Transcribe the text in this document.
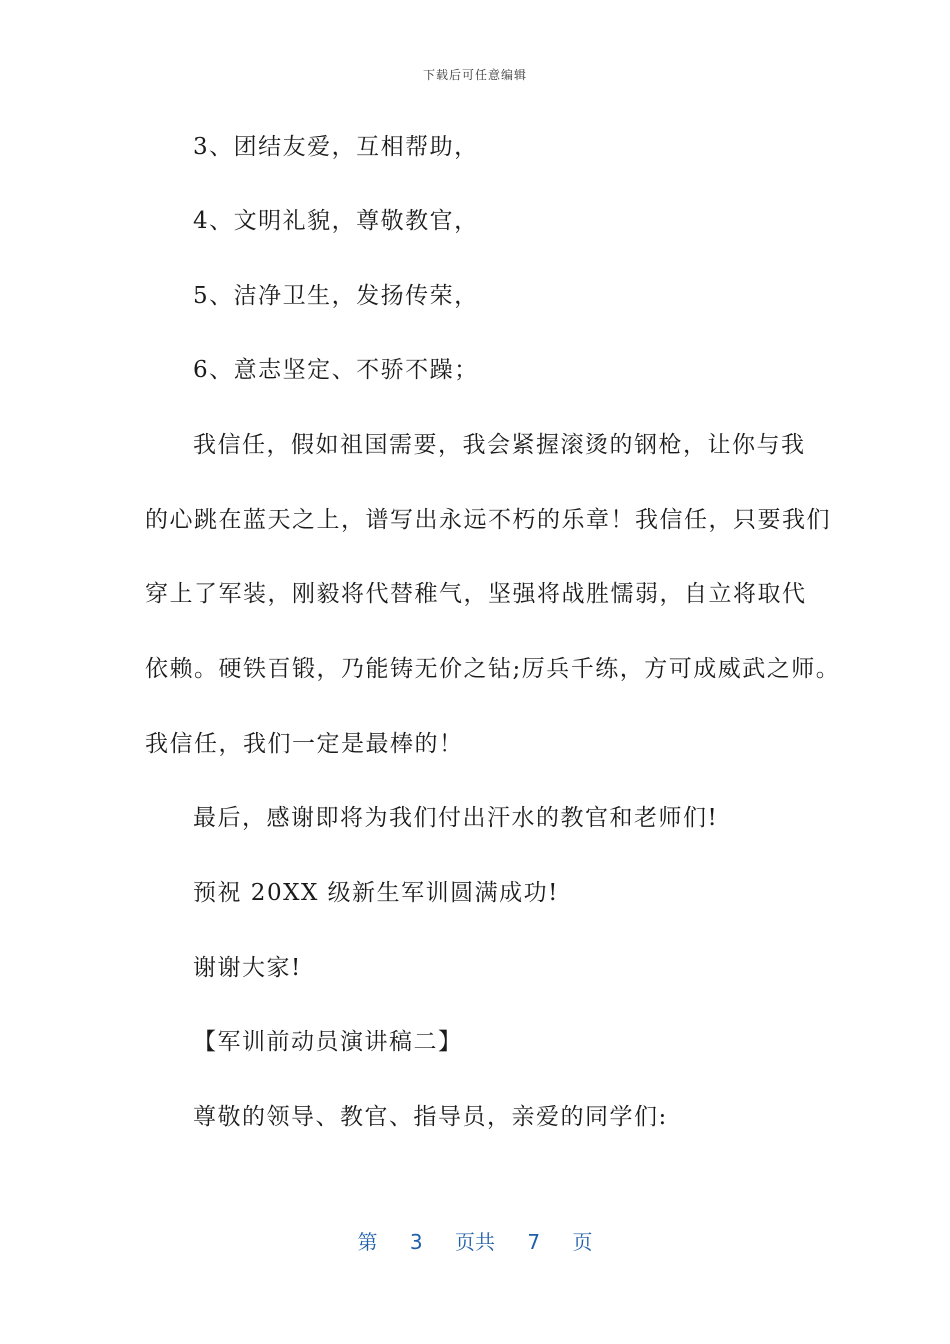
下载后可任意编辑
3、团结友爱，互相帮助，
4、文明礼貌，尊敬教官，
5、洁净卫生，发扬传荣，
6、意志坚定、不骄不躁；
我信任，假如祖国需要，我会紧握滚烫的钢枪，让你与我
的心跳在蓝天之上，谱写出永远不朽的乐章！我信任，只要我们
穿上了军装，刚毅将代替稚气，坚强将战胜懦弱，自立将取代
依赖。硬铁百锻，乃能铸无价之钻;厉兵千练，方可成威武之师。
我信任，我们一定是最棒的！
最后，感谢即将为我们付出汗水的教官和老师们!
预祝 20XX 级新生军训圆满成功!
谢谢大家!
【军训前动员演讲稿二】
尊敬的领导、教官、指导员，亲爱的同学们:
第 3 页共 7 页
